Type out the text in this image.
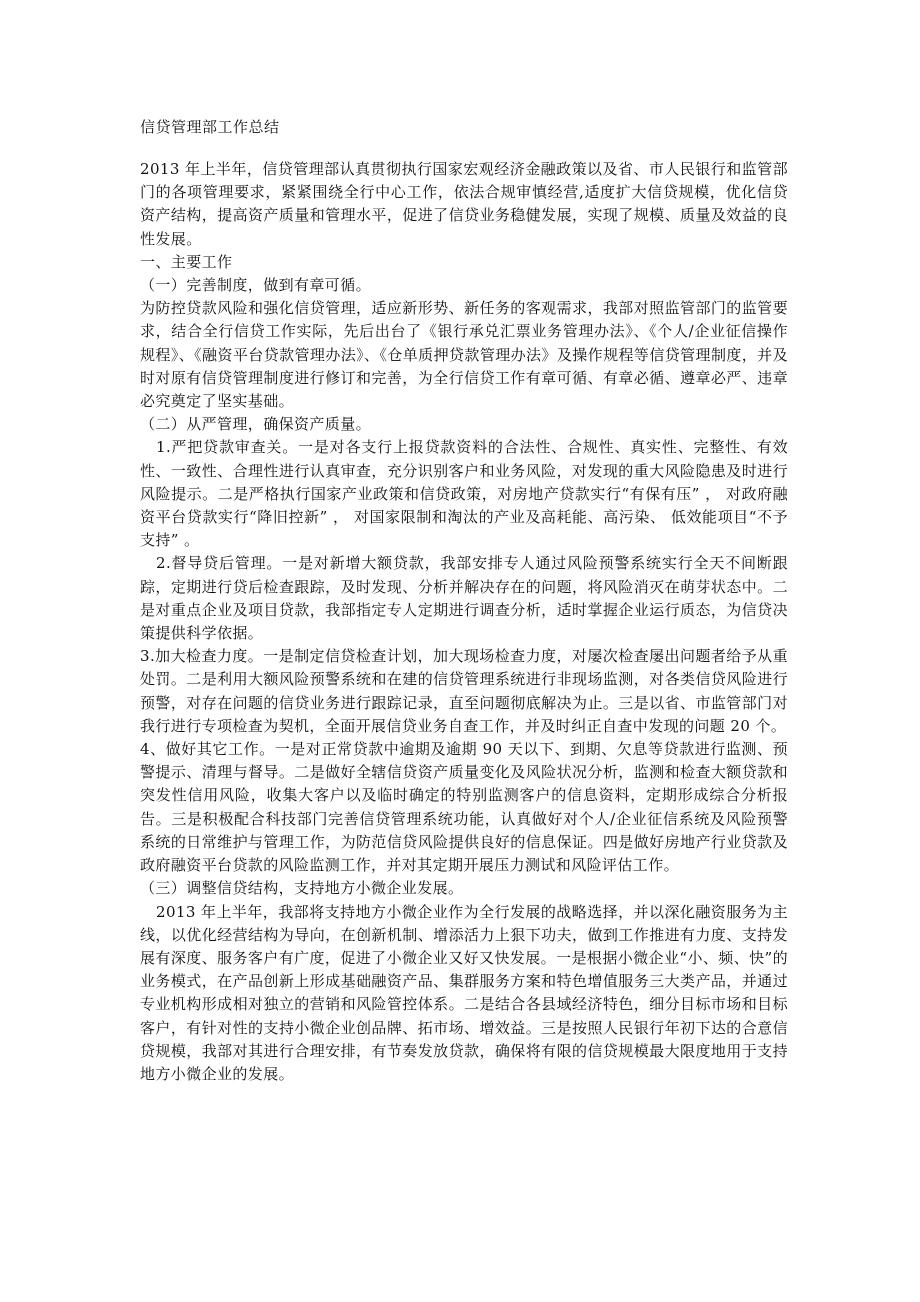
信贷管理部工作总结

2013 年上半年，信贷管理部认真贯彻执行国家宏观经济金融政策以及省、市人民银行和监管部门的各项管理要求，紧紧围绕全行中心工作，依法合规审慎经营,适度扩大信贷规模，优化信贷资产结构，提高资产质量和管理水平，促进了信贷业务稳健发展，实现了规模、质量及效益的良性发展。

一、主要工作

（一）完善制度，做到有章可循。

为防控贷款风险和强化信贷管理，适应新形势、新任务的客观需求，我部对照监管部门的监管要求，结合全行信贷工作实际，先后出台了《银行承兑汇票业务管理办法》、《个人/企业征信操作规程》、《融资平台贷款管理办法》、《仓单质押贷款管理办法》及操作规程等信贷管理制度，并及时对原有信贷管理制度进行修订和完善，为全行信贷工作有章可循、有章必循、遵章必严、违章必究奠定了坚实基础。

（二）从严管理，确保资产质量。

1.严把贷款审查关。一是对各支行上报贷款资料的合法性、合规性、真实性、完整性、有效性、一致性、合理性进行认真审查，充分识别客户和业务风险，对发现的重大风险隐患及时进行风险提示。二是严格执行国家产业政策和信贷政策，对房地产贷款实行“有保有压” ， 对政府融资平台贷款实行“降旧控新” ， 对国家限制和淘汰的产业及高耗能、高污染、 低效能项目“不予支持” 。

2.督导贷后管理。一是对新增大额贷款，我部安排专人通过风险预警系统实行全天不间断跟踪，定期进行贷后检查跟踪，及时发现、分析并解决存在的问题，将风险消灭在萌芽状态中。二是对重点企业及项目贷款，我部指定专人定期进行调查分析，适时掌握企业运行质态，为信贷决策提供科学依据。

3.加大检查力度。一是制定信贷检查计划，加大现场检查力度，对屡次检查屡出问题者给予从重处罚。二是利用大额风险预警系统和在建的信贷管理系统进行非现场监测，对各类信贷风险进行预警，对存在问题的信贷业务进行跟踪记录，直至问题彻底解决为止。三是以省、市监管部门对我行进行专项检查为契机，全面开展信贷业务自查工作，并及时纠正自查中发现的问题 20 个。

4、做好其它工作。一是对正常贷款中逾期及逾期 90 天以下、到期、欠息等贷款进行监测、预警提示、清理与督导。二是做好全辖信贷资产质量变化及风险状况分析，监测和检查大额贷款和突发性信用风险，收集大客户以及临时确定的特别监测客户的信息资料，定期形成综合分析报告。三是积极配合科技部门完善信贷管理系统功能，认真做好对个人/企业征信系统及风险预警系统的日常维护与管理工作，为防范信贷风险提供良好的信息保证。四是做好房地产行业贷款及政府融资平台贷款的风险监测工作，并对其定期开展压力测试和风险评估工作。

（三）调整信贷结构，支持地方小微企业发展。

2013 年上半年，我部将支持地方小微企业作为全行发展的战略选择，并以深化融资服务为主线，以优化经营结构为导向，在创新机制、增添活力上狠下功夫，做到工作推进有力度、支持发展有深度、服务客户有广度，促进了小微企业又好又快发展。一是根据小微企业“小、频、快”的业务模式，在产品创新上形成基础融资产品、集群服务方案和特色增值服务三大类产品，并通过专业机构形成相对独立的营销和风险管控体系。二是结合各县域经济特色，细分目标市场和目标客户，有针对性的支持小微企业创品牌、拓市场、增效益。三是按照人民银行年初下达的合意信贷规模，我部对其进行合理安排，有节奏发放贷款，确保将有限的信贷规模最大限度地用于支持地方小微企业的发展。
